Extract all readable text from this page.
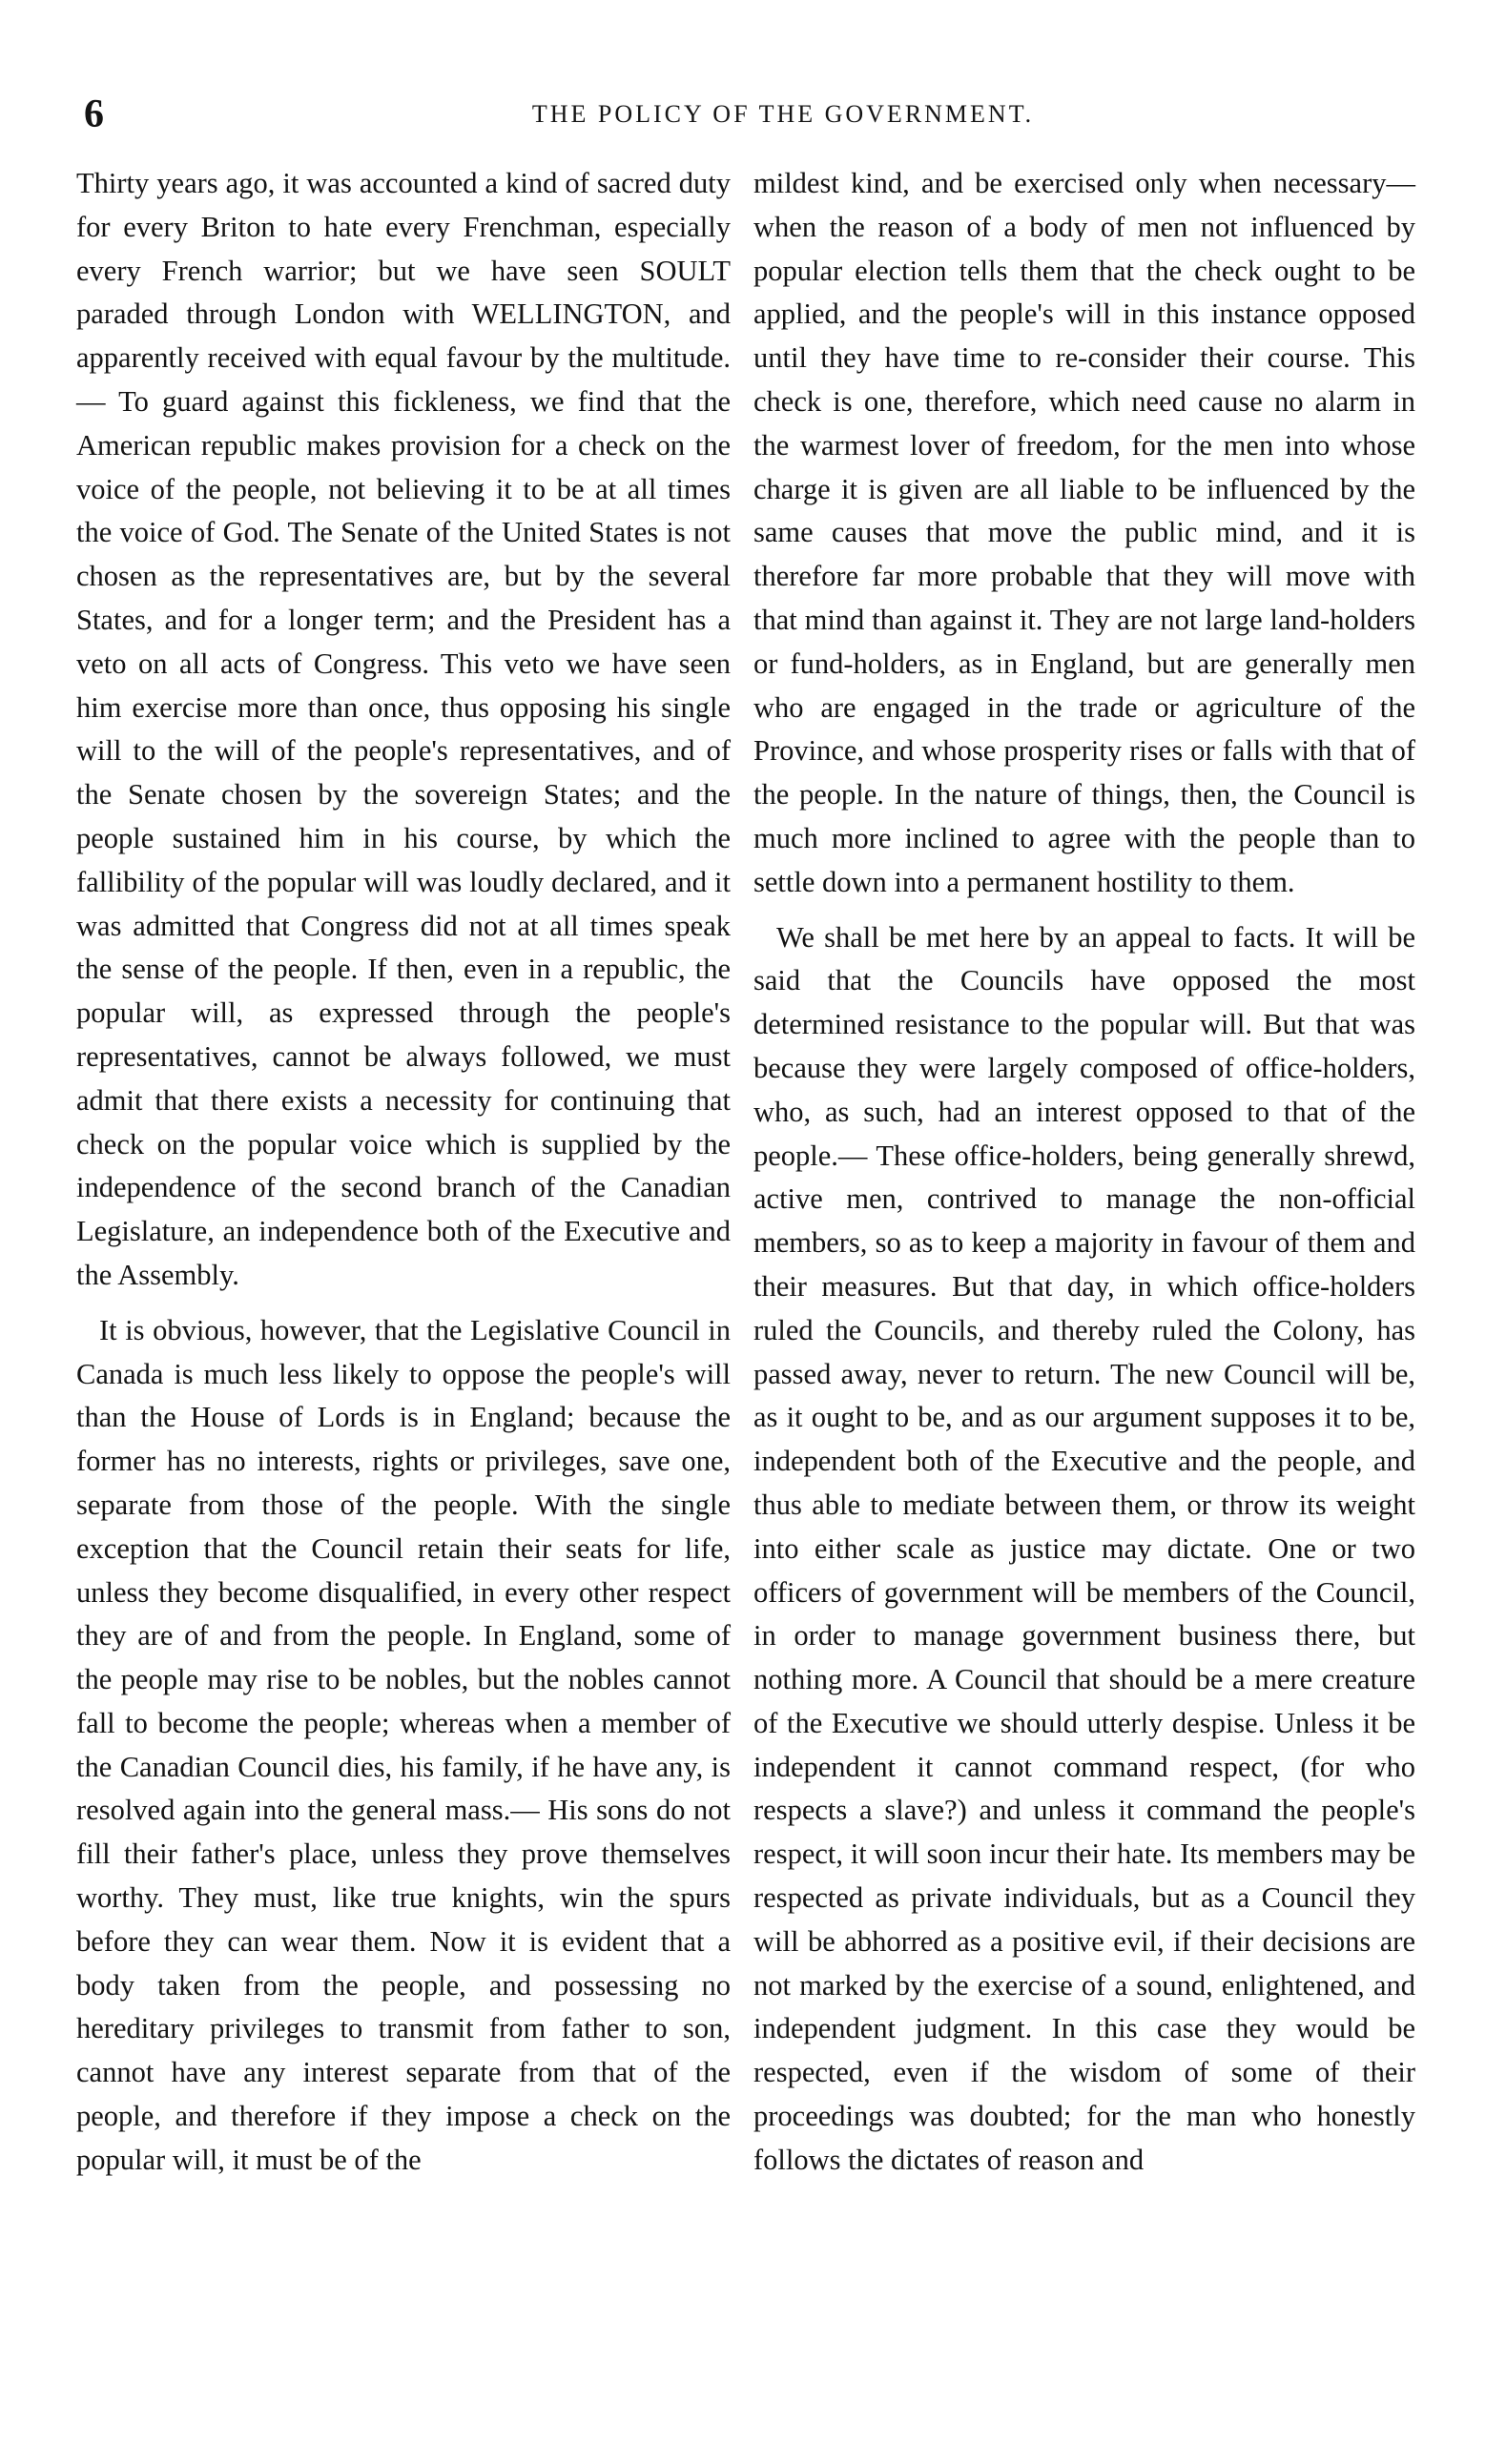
6	THE POLICY OF THE GOVERNMENT.

Thirty years ago, it was accounted a kind of sacred duty for every Briton to hate every Frenchman, especially every French warrior; but we have seen SOULT paraded through London with WELLINGTON, and apparently received with equal favour by the multitude.— To guard against this fickleness, we find that the American republic makes provision for a check on the voice of the people, not believing it to be at all times the voice of God. The Senate of the United States is not chosen as the representatives are, but by the several States, and for a longer term; and the President has a veto on all acts of Congress. This veto we have seen him exercise more than once, thus opposing his single will to the will of the people's representatives, and of the Senate chosen by the sovereign States; and the people sustained him in his course, by which the fallibility of the popular will was loudly declared, and it was admitted that Congress did not at all times speak the sense of the people. If then, even in a republic, the popular will, as expressed through the people's representatives, cannot be always followed, we must admit that there exists a necessity for continuing that check on the popular voice which is supplied by the independence of the second branch of the Canadian Legislature, an independence both of the Executive and the Assembly.

It is obvious, however, that the Legislative Council in Canada is much less likely to oppose the people's will than the House of Lords is in England; because the former has no interests, rights or privileges, save one, separate from those of the people. With the single exception that the Council retain their seats for life, unless they become disqualified, in every other respect they are of and from the people. In England, some of the people may rise to be nobles, but the nobles cannot fall to become the people; whereas when a member of the Canadian Council dies, his family, if he have any, is resolved again into the general mass.— His sons do not fill their father's place, unless they prove themselves worthy. They must, like true knights, win the spurs before they can wear them. Now it is evident that a body taken from the people, and possessing no hereditary privileges to transmit from father to son, cannot have any interest separate from that of the people, and therefore if they impose a check on the popular will, it must be of the

mildest kind, and be exercised only when necessary—when the reason of a body of men not influenced by popular election tells them that the check ought to be applied, and the people's will in this instance opposed until they have time to re-consider their course. This check is one, therefore, which need cause no alarm in the warmest lover of freedom, for the men into whose charge it is given are all liable to be influenced by the same causes that move the public mind, and it is therefore far more probable that they will move with that mind than against it. They are not large land-holders or fund-holders, as in England, but are generally men who are engaged in the trade or agriculture of the Province, and whose prosperity rises or falls with that of the people. In the nature of things, then, the Council is much more inclined to agree with the people than to settle down into a permanent hostility to them.

We shall be met here by an appeal to facts. It will be said that the Councils have opposed the most determined resistance to the popular will. But that was because they were largely composed of office-holders, who, as such, had an interest opposed to that of the people.— These office-holders, being generally shrewd, active men, contrived to manage the non-official members, so as to keep a majority in favour of them and their measures. But that day, in which office-holders ruled the Councils, and thereby ruled the Colony, has passed away, never to return. The new Council will be, as it ought to be, and as our argument supposes it to be, independent both of the Executive and the people, and thus able to mediate between them, or throw its weight into either scale as justice may dictate. One or two officers of government will be members of the Council, in order to manage government business there, but nothing more. A Council that should be a mere creature of the Executive we should utterly despise. Unless it be independent it cannot command respect, (for who respects a slave?) and unless it command the people's respect, it will soon incur their hate. Its members may be respected as private individuals, but as a Council they will be abhorred as a positive evil, if their decisions are not marked by the exercise of a sound, enlightened, and independent judgment. In this case they would be respected, even if the wisdom of some of their proceedings was doubted; for the man who honestly follows the dictates of reason and
